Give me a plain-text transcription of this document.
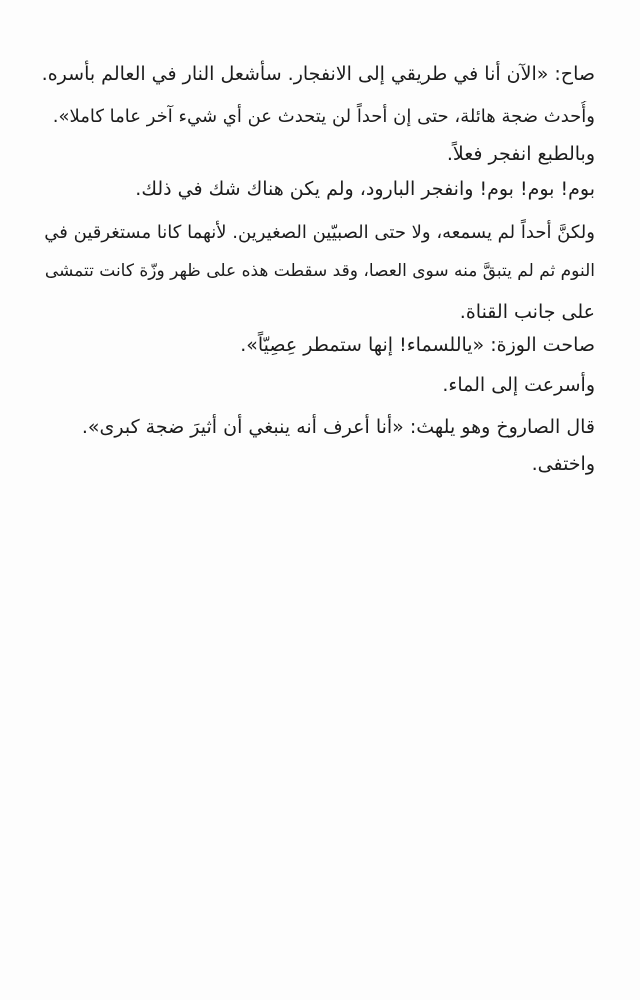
صاح: «الآن أنا في طريقي إلى الانفجار. سأشعل النار في العالم بأسره.
وأُحدث ضجة هائلة، حتى إن أحداً لن يتحدث عن أي شيء آخر عاما كاملا».
وبالطبع انفجر فعلاً.
بوم! بوم! بوم! وانفجر البارود، ولم يكن هناك شك في ذلك.
ولكنَّ أحداً لم يسمعه، ولا حتى الصبيّين الصغيرين. لأنهما كانا مستغرقين في
النوم ثم لم يتبقَّ منه سوى العصا، وقد سقطت هذه على ظهر وزّة كانت تتمشى
على جانب القناة.
صاحت الوزة: «ياللسماء! إنها ستمطر عِصِيّاً».
وأسرعت إلى الماء.
قال الصاروخ وهو يلهث: «أنا أعرف أنه ينبغي أن أثيرَ ضجة كبرى».
واختفى.
